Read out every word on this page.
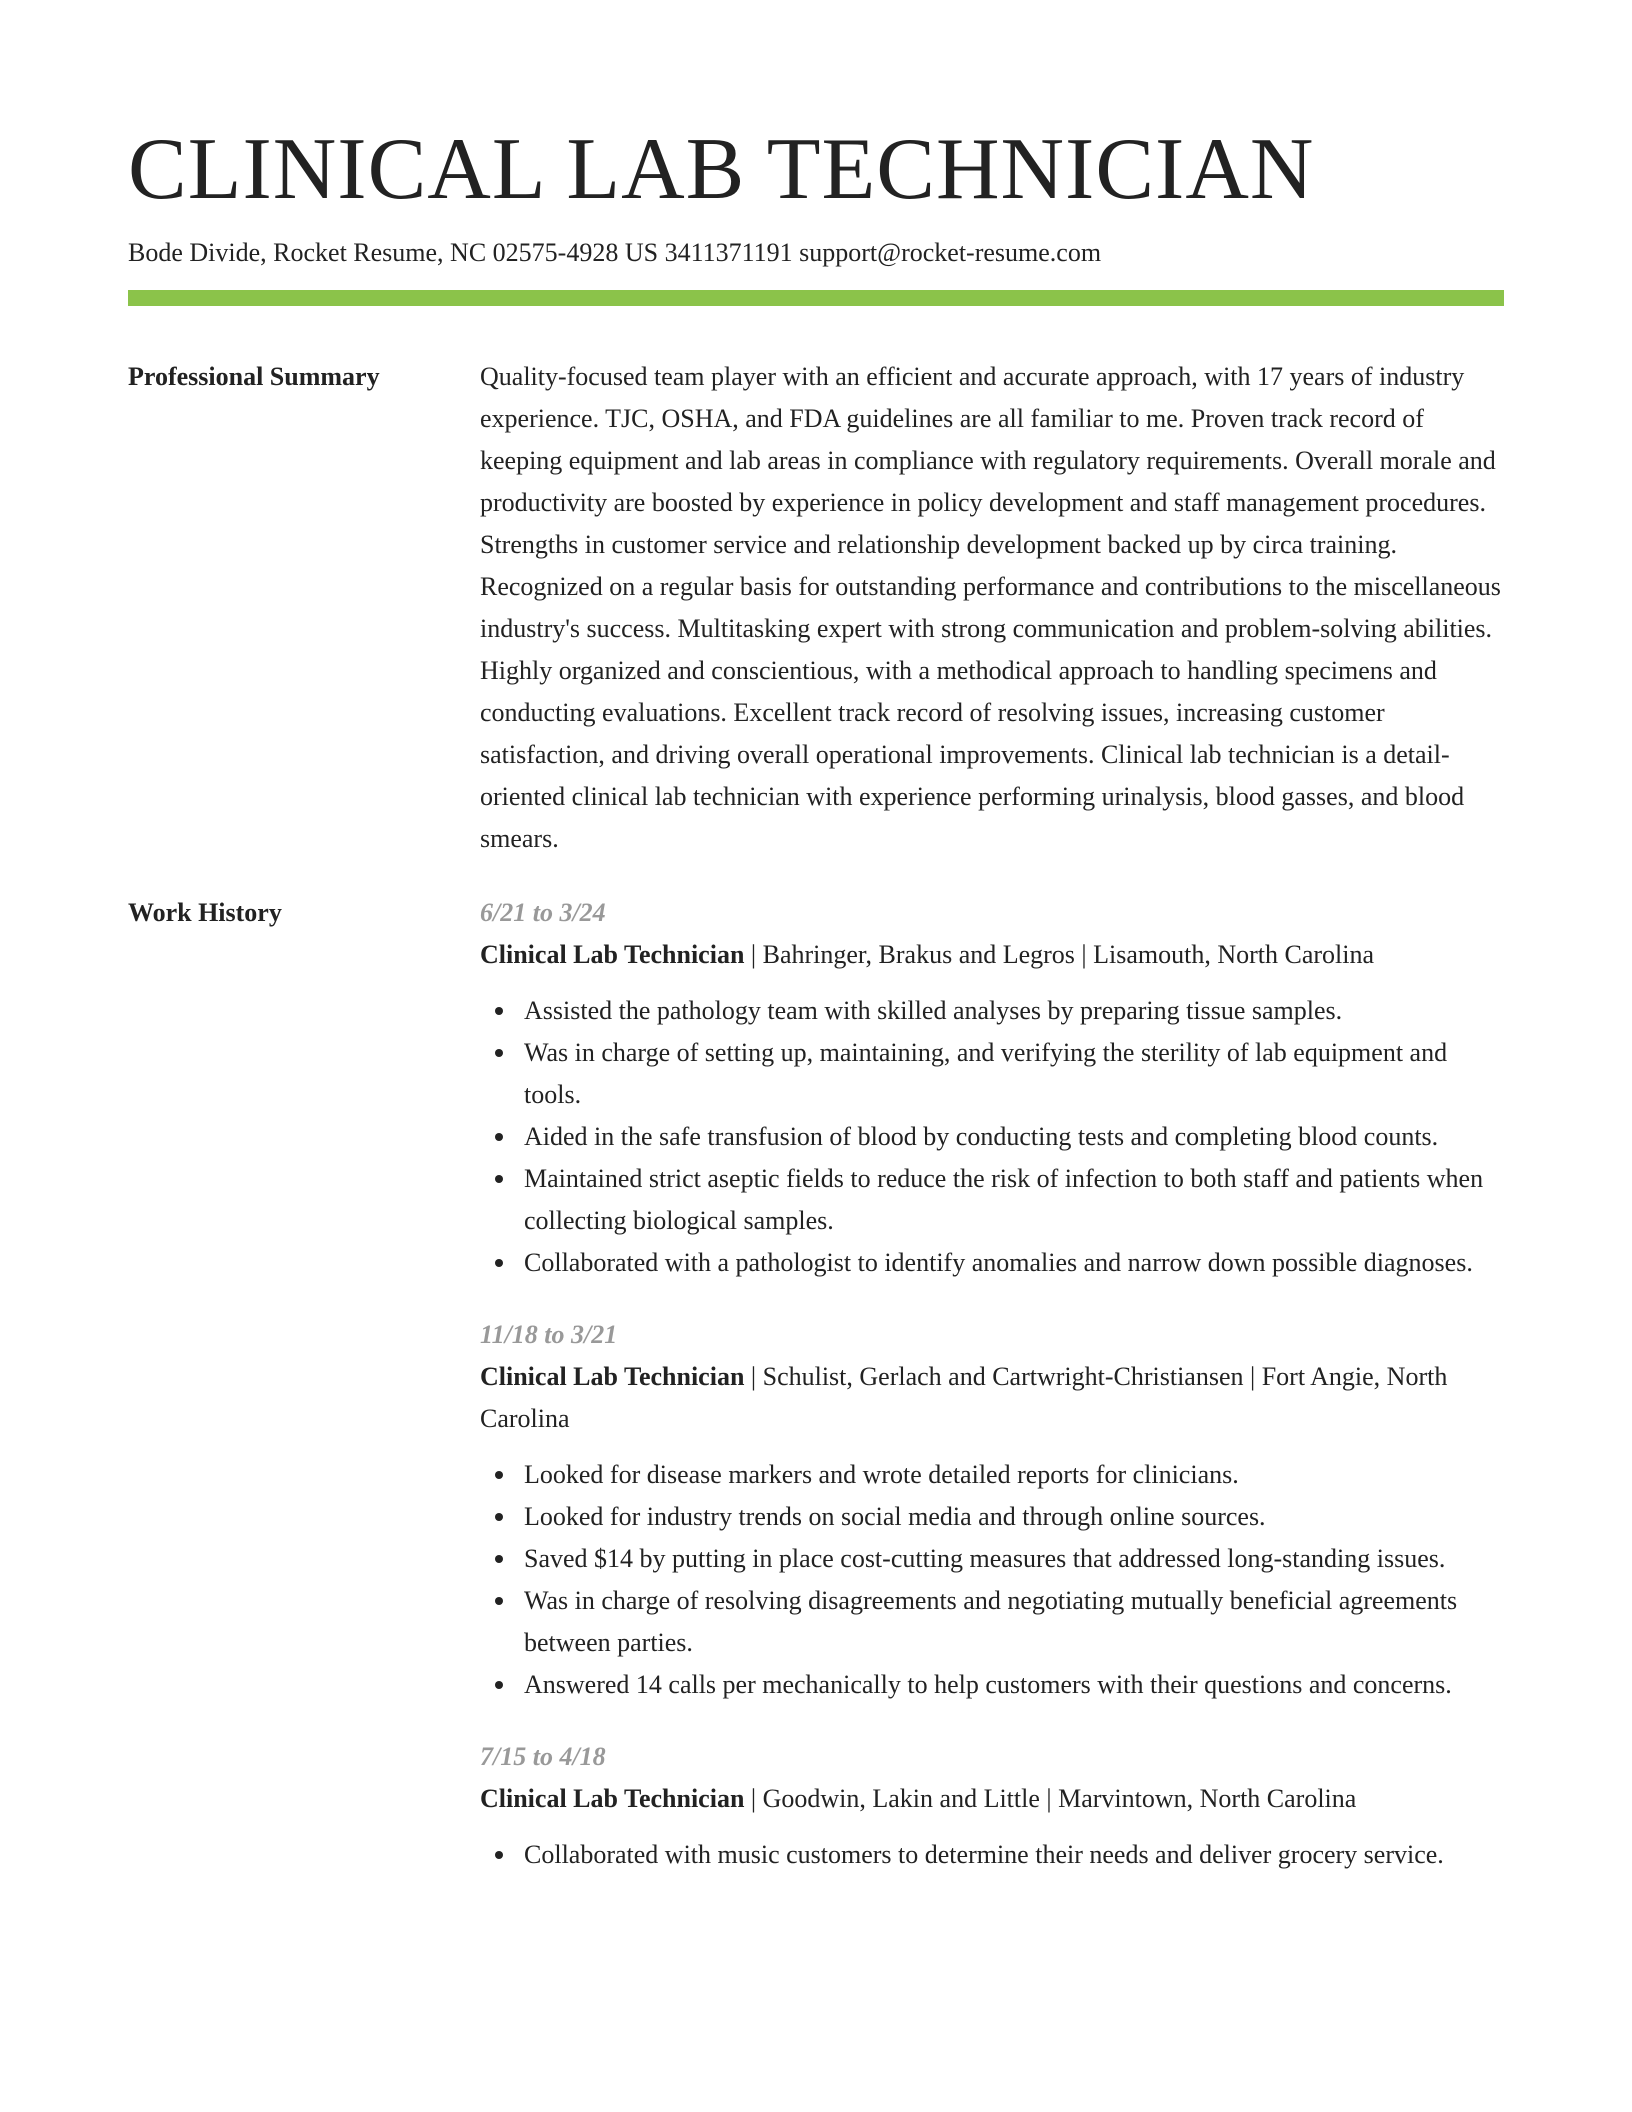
CLINICAL LAB TECHNICIAN
Bode Divide, Rocket Resume, NC 02575-4928 US 3411371191 support@rocket-resume.com
Professional Summary	Quality-focused team player with an efficient and accurate approach, with 17 years of industry experience. TJC, OSHA, and FDA guidelines are all familiar to me. Proven track record of keeping equipment and lab areas in compliance with regulatory requirements. Overall morale and productivity are boosted by experience in policy development and staff management procedures. Strengths in customer service and relationship development backed up by circa training. Recognized on a regular basis for outstanding performance and contributions to the miscellaneous industry's success. Multitasking expert with strong communication and problem-solving abilities. Highly organized and conscientious, with a methodical approach to handling specimens and conducting evaluations. Excellent track record of resolving issues, increasing customer satisfaction, and driving overall operational improvements. Clinical lab technician is a detail-oriented clinical lab technician with experience performing urinalysis, blood gasses, and blood smears.

Work History	6/21 to 3/24
Clinical Lab Technician | Bahringer, Brakus and Legros | Lisamouth, North Carolina
Assisted the pathology team with skilled analyses by preparing tissue samples.
Was in charge of setting up, maintaining, and verifying the sterility of lab equipment and tools.
Aided in the safe transfusion of blood by conducting tests and completing blood counts.
Maintained strict aseptic fields to reduce the risk of infection to both staff and patients when collecting biological samples.
Collaborated with a pathologist to identify anomalies and narrow down possible diagnoses.
11/18 to 3/21
Clinical Lab Technician | Schulist, Gerlach and Cartwright-Christiansen | Fort Angie, North Carolina
Looked for disease markers and wrote detailed reports for clinicians.
Looked for industry trends on social media and through online sources.
Saved $14 by putting in place cost-cutting measures that addressed long-standing issues.
Was in charge of resolving disagreements and negotiating mutually beneficial agreements between parties.
Answered 14 calls per mechanically to help customers with their questions and concerns.
7/15 to 4/18
Clinical Lab Technician | Goodwin, Lakin and Little | Marvintown, North Carolina
Collaborated with music customers to determine their needs and deliver grocery service.
